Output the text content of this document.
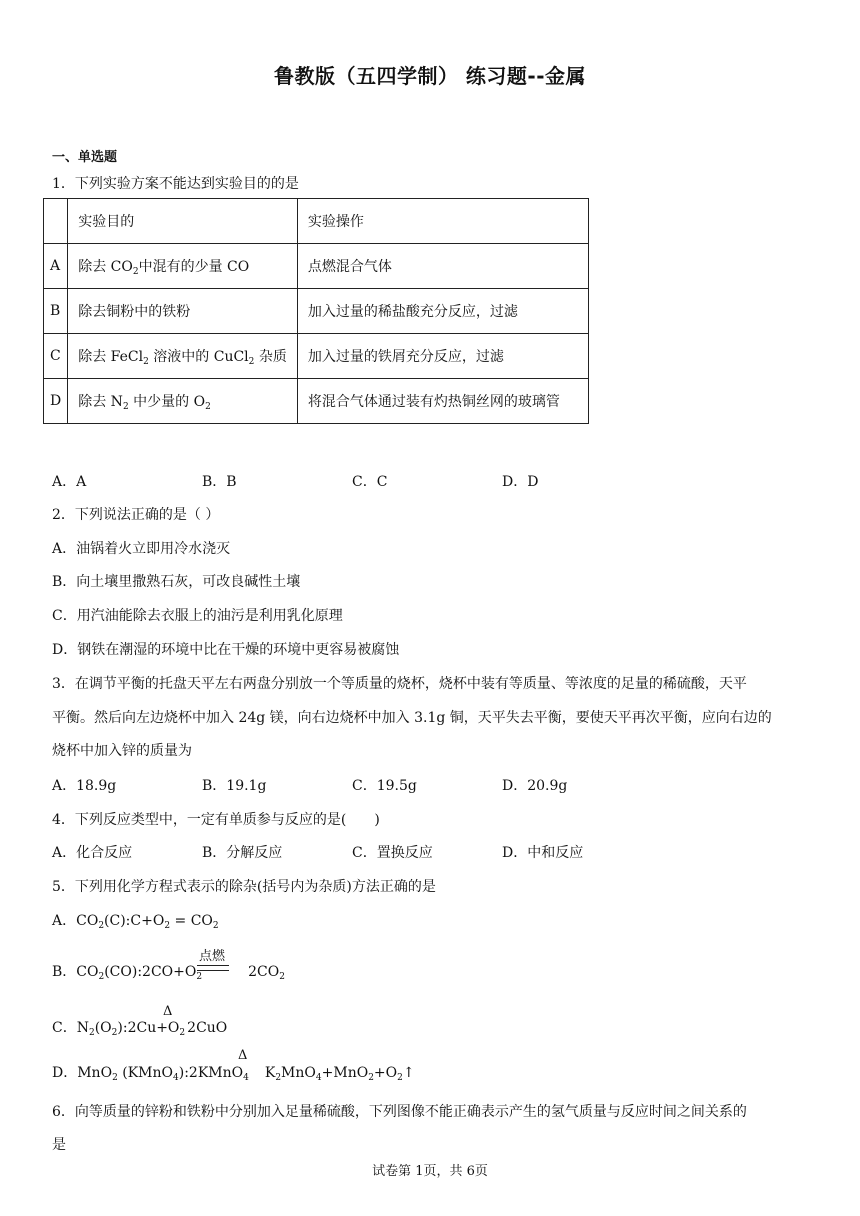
鲁教版（五四学制） 练习题--金属
一、单选题
1．下列实验方案不能达到实验目的的是
	实验目的	实验操作
A	除去 $CO_2$中混有的少量 CO	点燃混合气体
B	除去铜粉中的铁粉	加入过量的稀盐酸充分反应，过滤
C	除去 FeCl$_2$ 溶液中的 CuCl$_2$ 杂质	加入过量的铁屑充分反应，过滤
D	除去 $N_2$ 中少量的 $O_2$	将混合气体通过装有灼热铜丝网的玻璃管
A．A	B．B	C．C	D．D
2．下列说法正确的是（ ）
A．油锅着火立即用冷水浇灭
B．向土壤里撒熟石灰，可改良碱性土壤
C．用汽油能除去衣服上的油污是利用乳化原理
D．钢铁在潮湿的环境中比在干燥的环境中更容易被腐蚀
3．在调节平衡的托盘天平左右两盘分别放一个等质量的烧杯，烧杯中装有等质量、等浓度的足量的稀硫酸，天平
平衡。然后向左边烧杯中加入 24g 镁，向右边烧杯中加入 3.1g 铜，天平失去平衡，要使天平再次平衡，应向右边的
烧杯中加入锌的质量为
A．18.9g	B．19.1g	C．19.5g	D．20.9g
4．下列反应类型中，一定有单质参与反应的是(　　)
A．化合反应	B．分解反应	C．置换反应	D．中和反应
5．下列用化学方程式表示的除杂(括号内为杂质)方法正确的是
A．$CO_2(C):C+O_2 = CO_2$
点燃
B．$CO_2(CO):2CO+O_2$	$2CO_2$
Δ
C．$N_2(O_2):2Cu+O_2$ 2CuO
Δ
D．MnO$_2$ (KMnO$_4$):2KMnO$_4$ $K_2MnO_4+MnO_2+O_2↑$
6．向等质量的锌粉和铁粉中分别加入足量稀硫酸，下列图像不能正确表示产生的氢气质量与反应时间之间关系的
是
试卷第 1页，共 6页
